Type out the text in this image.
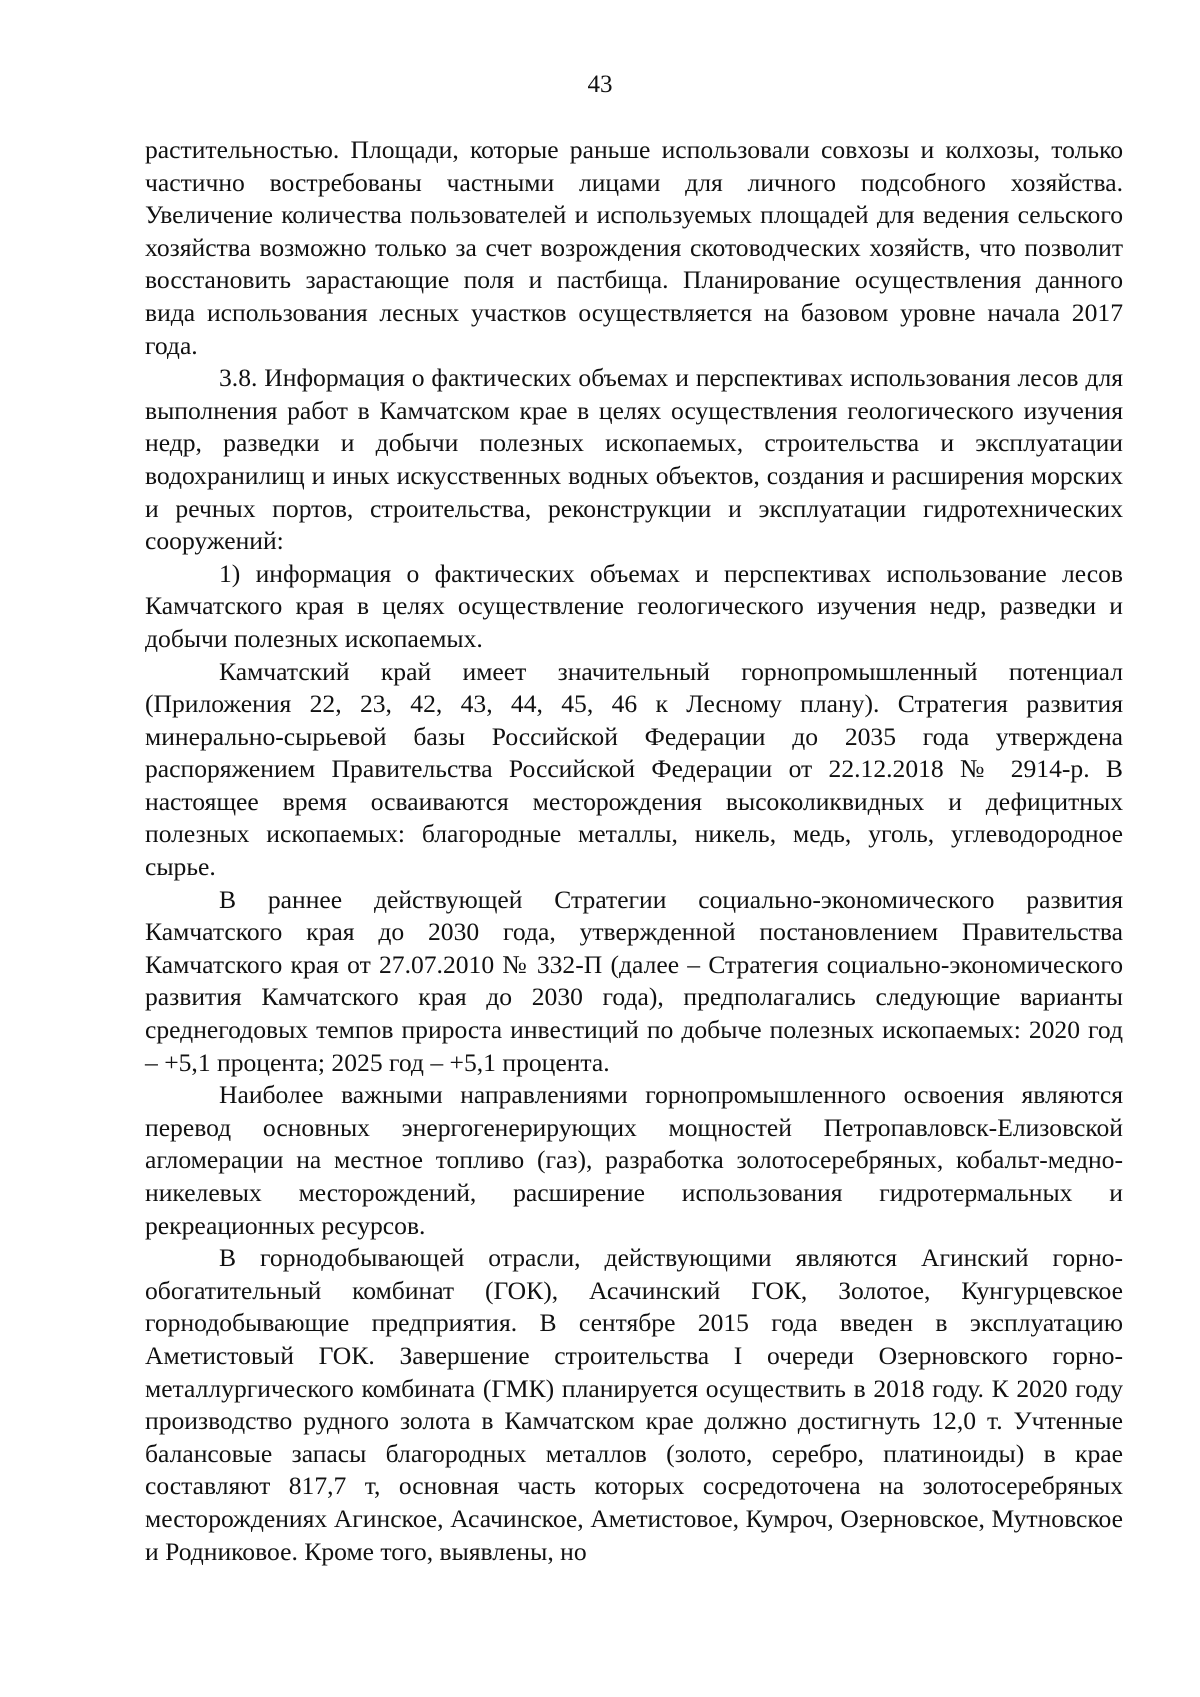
43

растительностью. Площади, которые раньше использовали совхозы и колхозы, только частично востребованы частными лицами для личного подсобного хозяйства. Увеличение количества пользователей и используемых площадей для ведения сельского хозяйства возможно только за счет возрождения скотоводческих хозяйств, что позволит восстановить зарастающие поля и пастбища. Планирование осуществления данного вида использования лесных участков осуществляется на базовом уровне начала 2017 года.

3.8. Информация о фактических объемах и перспективах использования лесов для выполнения работ в Камчатском крае в целях осуществления геологического изучения недр, разведки и добычи полезных ископаемых, строительства и эксплуатации водохранилищ и иных искусственных водных объектов, создания и расширения морских и речных портов, строительства, реконструкции и эксплуатации гидротехнических сооружений:

1) информация о фактических объемах и перспективах использование лесов Камчатского края в целях осуществление геологического изучения недр, разведки и добычи полезных ископаемых.

Камчатский край имеет значительный горнопромышленный потенциал (Приложения 22, 23, 42, 43, 44, 45, 46 к Лесному плану). Стратегия развития минерально-сырьевой базы Российской Федерации до 2035 года утверждена распоряжением Правительства Российской Федерации от 22.12.2018 № 2914-р. В настоящее время осваиваются месторождения высоколиквидных и дефицитных полезных ископаемых: благородные металлы, никель, медь, уголь, углеводородное сырье.

В раннее действующей Стратегии социально-экономического развития Камчатского края до 2030 года, утвержденной постановлением Правительства Камчатского края от 27.07.2010 № 332-П (далее – Стратегия социально-экономического развития Камчатского края до 2030 года), предполагались следующие варианты среднегодовых темпов прироста инвестиций по добыче полезных ископаемых: 2020 год – +5,1 процента; 2025 год – +5,1 процента.

Наиболее важными направлениями горнопромышленного освоения являются перевод основных энергогенерирующих мощностей Петропавловск-Елизовской агломерации на местное топливо (газ), разработка золотосеребряных, кобальт-медно-никелевых месторождений, расширение использования гидротермальных и рекреационных ресурсов.

В горнодобывающей отрасли, действующими являются Агинский горно-обогатительный комбинат (ГОК), Асачинский ГОК, Золотое, Кунгурцевское горнодобывающие предприятия. В сентябре 2015 года введен в эксплуатацию Аметистовый ГОК. Завершение строительства I очереди Озерновского горно-металлургического комбината (ГМК) планируется осуществить в 2018 году. К 2020 году производство рудного золота в Камчатском крае должно достигнуть 12,0 т. Учтенные балансовые запасы благородных металлов (золото, серебро, платиноиды) в крае составляют 817,7 т, основная часть которых сосредоточена на золотосеребряных месторождениях Агинское, Асачинское, Аметистовое, Кумроч, Озерновское, Мутновское и Родниковое. Кроме того, выявлены, но
